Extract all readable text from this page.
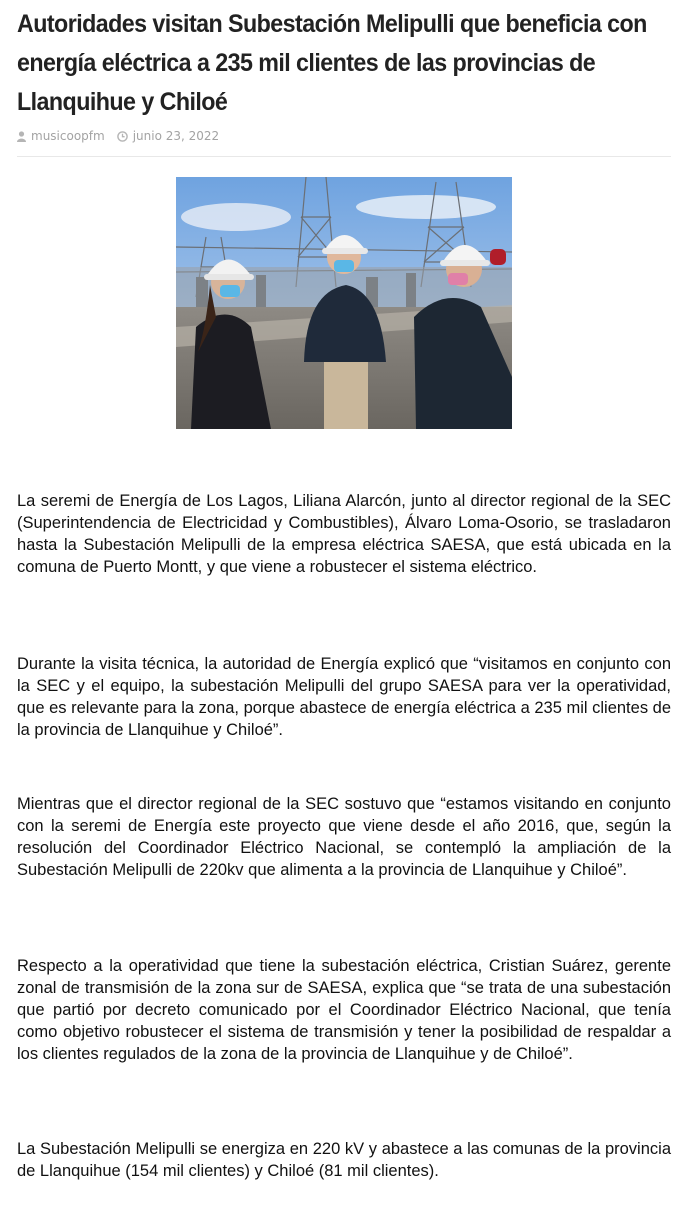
Autoridades visitan Subestación Melipulli que beneficia con energía eléctrica a 235 mil clientes de las provincias de Llanquihue y Chiloé
musicoopfm junio 23, 2022

La seremi de Energía de Los Lagos, Liliana Alarcón, junto al director regional de la SEC (Superintendencia de Electricidad y Combustibles), Álvaro Loma-Osorio, se trasladaron hasta la Subestación Melipulli de la empresa eléctrica SAESA, que está ubicada en la comuna de Puerto Montt, y que viene a robustecer el sistema eléctrico.

Durante la visita técnica, la autoridad de Energía explicó que “visitamos en conjunto con la SEC y el equipo, la subestación Melipulli del grupo SAESA para ver la operatividad, que es relevante para la zona, porque abastece de energía eléctrica a 235 mil clientes de la provincia de Llanquihue y Chiloé”.

Mientras que el director regional de la SEC sostuvo que “estamos visitando en conjunto con la seremi de Energía este proyecto que viene desde el año 2016, que, según la resolución del Coordinador Eléctrico Nacional, se contempló la ampliación de la Subestación Melipulli de 220kv que alimenta a la provincia de Llanquihue y Chiloé”.

Respecto a la operatividad que tiene la subestación eléctrica, Cristian Suárez, gerente zonal de transmisión de la zona sur de SAESA, explica que “se trata de una subestación que partió por decreto comunicado por el Coordinador Eléctrico Nacional, que tenía como objetivo robustecer el sistema de transmisión y tener la posibilidad de respaldar a los clientes regulados de la zona de la provincia de Llanquihue y de Chiloé”.

La Subestación Melipulli se energiza en 220 kV y abastece a las comunas de la provincia de Llanquihue (154 mil clientes) y Chiloé (81 mil clientes).
